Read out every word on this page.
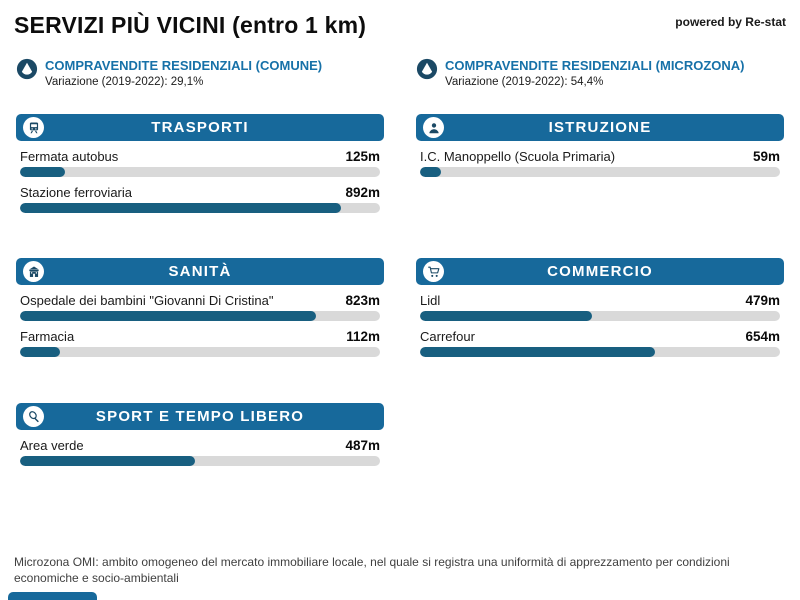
SERVIZI PIÙ VICINI (entro 1 km)	powered by Re-stat
COMPRAVENDITE RESIDENZIALI (COMUNE)
Variazione (2019-2022): 29,1%
COMPRAVENDITE RESIDENZIALI (MICROZONA)
Variazione (2019-2022): 54,4%
TRASPORTI
Fermata autobus	125m
Stazione ferroviaria	892m
ISTRUZIONE
I.C. Manoppello (Scuola Primaria)	59m
SANITÀ
Ospedale dei bambini "Giovanni Di Cristina"	823m
Farmacia	112m
COMMERCIO
Lidl	479m
Carrefour	654m
SPORT E TEMPO LIBERO
Area verde	487m
Microzona OMI: ambito omogeneo del mercato immobiliare locale, nel quale si registra una uniformità di apprezzamento per condizioni economiche e socio-ambientali
